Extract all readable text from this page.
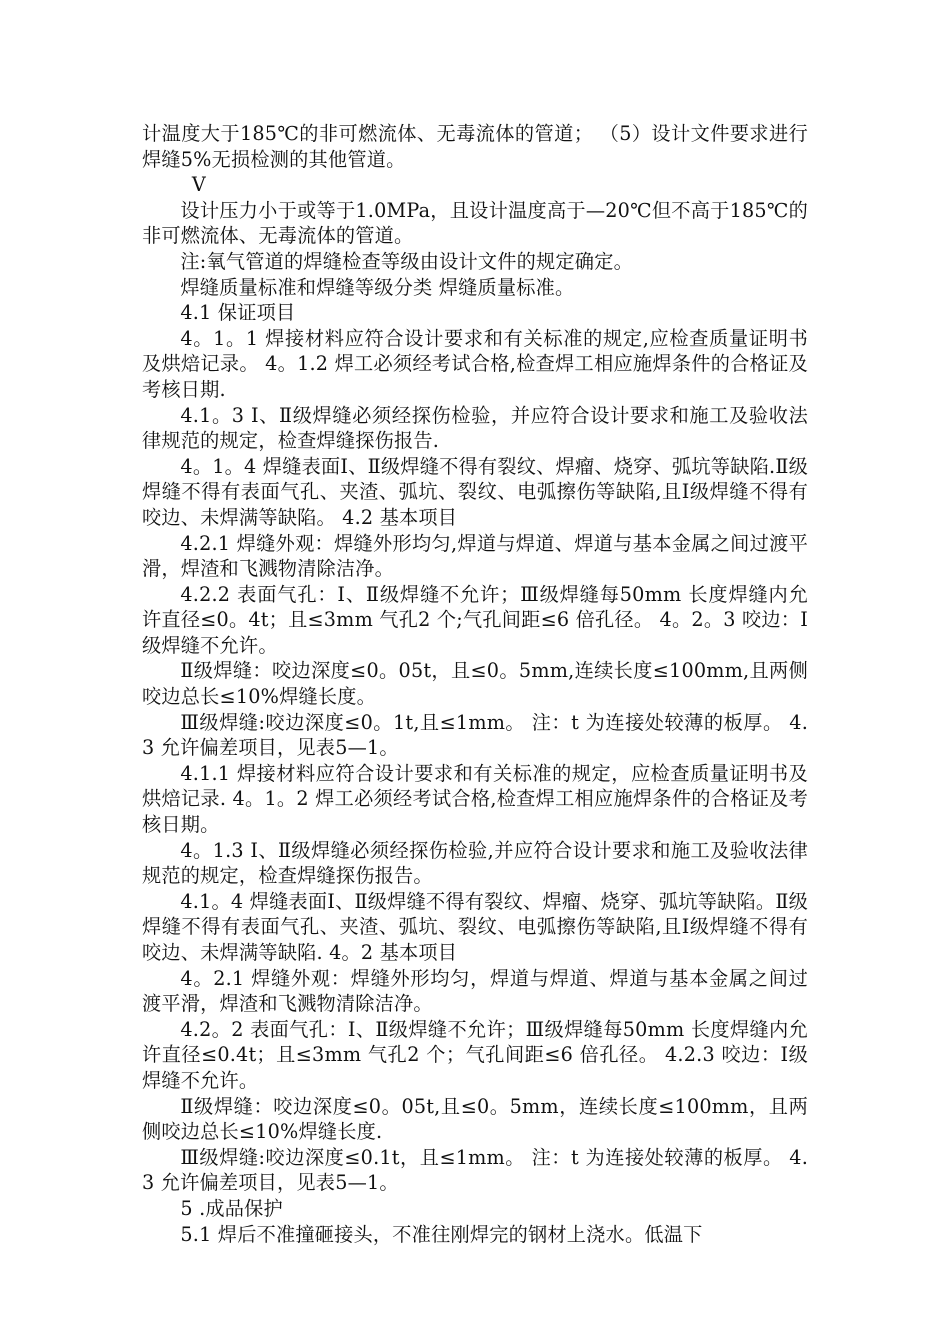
计温度大于185℃的非可燃流体、无毒流体的管道； （5）设计文件要求进行焊缝5%无损检测的其他管道。

Ⅴ

设计压力小于或等于1.0MPa，且设计温度高于—20℃但不高于185℃的非可燃流体、无毒流体的管道。

注:氧气管道的焊缝检查等级由设计文件的规定确定。

焊缝质量标准和焊缝等级分类 焊缝质量标准。

4.1 保证项目

4。1。1 焊接材料应符合设计要求和有关标准的规定,应检查质量证明书及烘焙记录。 4。1.2 焊工必须经考试合格,检查焊工相应施焊条件的合格证及考核日期.

4.1。3 Ⅰ、Ⅱ级焊缝必须经探伤检验，并应符合设计要求和施工及验收法律规范的规定，检查焊缝探伤报告.

4。1。4 焊缝表面Ⅰ、Ⅱ级焊缝不得有裂纹、焊瘤、烧穿、弧坑等缺陷.Ⅱ级焊缝不得有表面气孔、夹渣、弧坑、裂纹、电弧擦伤等缺陷,且Ⅰ级焊缝不得有咬边、未焊满等缺陷。 4.2 基本项目

4.2.1 焊缝外观：焊缝外形均匀,焊道与焊道、焊道与基本金属之间过渡平滑，焊渣和飞溅物清除洁净。

4.2.2 表面气孔：Ⅰ、Ⅱ级焊缝不允许；Ⅲ级焊缝每50mm 长度焊缝内允许直径≤0。4t；且≤3mm 气孔2 个;气孔间距≤6 倍孔径。 4。2。3 咬边：Ⅰ级焊缝不允许。

Ⅱ级焊缝：咬边深度≤0。05t，且≤0。5mm,连续长度≤100mm,且两侧咬边总长≤10%焊缝长度。

Ⅲ级焊缝:咬边深度≤0。1t,且≤1mm。 注：t 为连接处较薄的板厚。 4.3 允许偏差项目，见表5—1。

4.1.1 焊接材料应符合设计要求和有关标准的规定，应检查质量证明书及烘焙记录. 4。1。2 焊工必须经考试合格,检查焊工相应施焊条件的合格证及考核日期。

4。1.3 Ⅰ、Ⅱ级焊缝必须经探伤检验,并应符合设计要求和施工及验收法律规范的规定，检查焊缝探伤报告。

4.1。4 焊缝表面Ⅰ、Ⅱ级焊缝不得有裂纹、焊瘤、烧穿、弧坑等缺陷。Ⅱ级焊缝不得有表面气孔、夹渣、弧坑、裂纹、电弧擦伤等缺陷,且Ⅰ级焊缝不得有咬边、未焊满等缺陷. 4。2 基本项目

4。2.1 焊缝外观：焊缝外形均匀，焊道与焊道、焊道与基本金属之间过渡平滑，焊渣和飞溅物清除洁净。

4.2。2 表面气孔：Ⅰ、Ⅱ级焊缝不允许；Ⅲ级焊缝每50mm 长度焊缝内允许直径≤0.4t；且≤3mm 气孔2 个；气孔间距≤6 倍孔径。 4.2.3 咬边：Ⅰ级焊缝不允许。

Ⅱ级焊缝：咬边深度≤0。05t,且≤0。5mm，连续长度≤100mm，且两侧咬边总长≤10%焊缝长度.

Ⅲ级焊缝:咬边深度≤0.1t，且≤1mm。 注：t 为连接处较薄的板厚。 4.3 允许偏差项目，见表5—1。

5 .成品保护

5.1 焊后不准撞砸接头，不准往刚焊完的钢材上浇水。低温下
